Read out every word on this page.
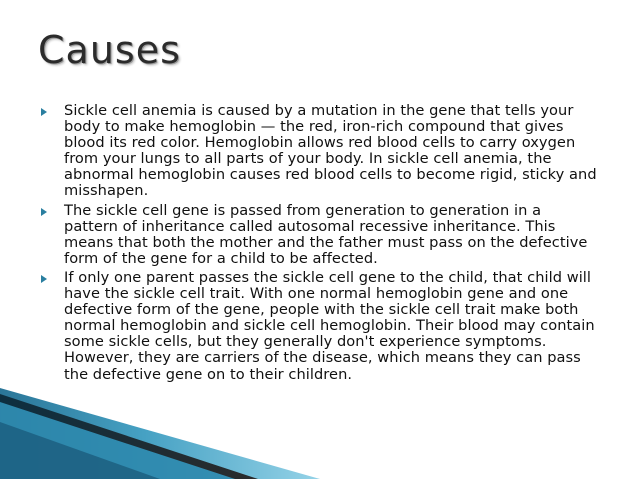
Causes
Sickle cell anemia is caused by a mutation in the gene that tells your body to make hemoglobin — the red, iron-rich compound that gives blood its red color. Hemoglobin allows red blood cells to carry oxygen from your lungs to all parts of your body. In sickle cell anemia, the abnormal hemoglobin causes red blood cells to become rigid, sticky and misshapen.
The sickle cell gene is passed from generation to generation in a pattern of inheritance called autosomal recessive inheritance. This means that both the mother and the father must pass on the defective form of the gene for a child to be affected.
If only one parent passes the sickle cell gene to the child, that child will have the sickle cell trait. With one normal hemoglobin gene and one defective form of the gene, people with the sickle cell trait make both normal hemoglobin and sickle cell hemoglobin. Their blood may contain some sickle cells, but they generally don't experience symptoms. However, they are carriers of the disease, which means they can pass the defective gene on to their children.
